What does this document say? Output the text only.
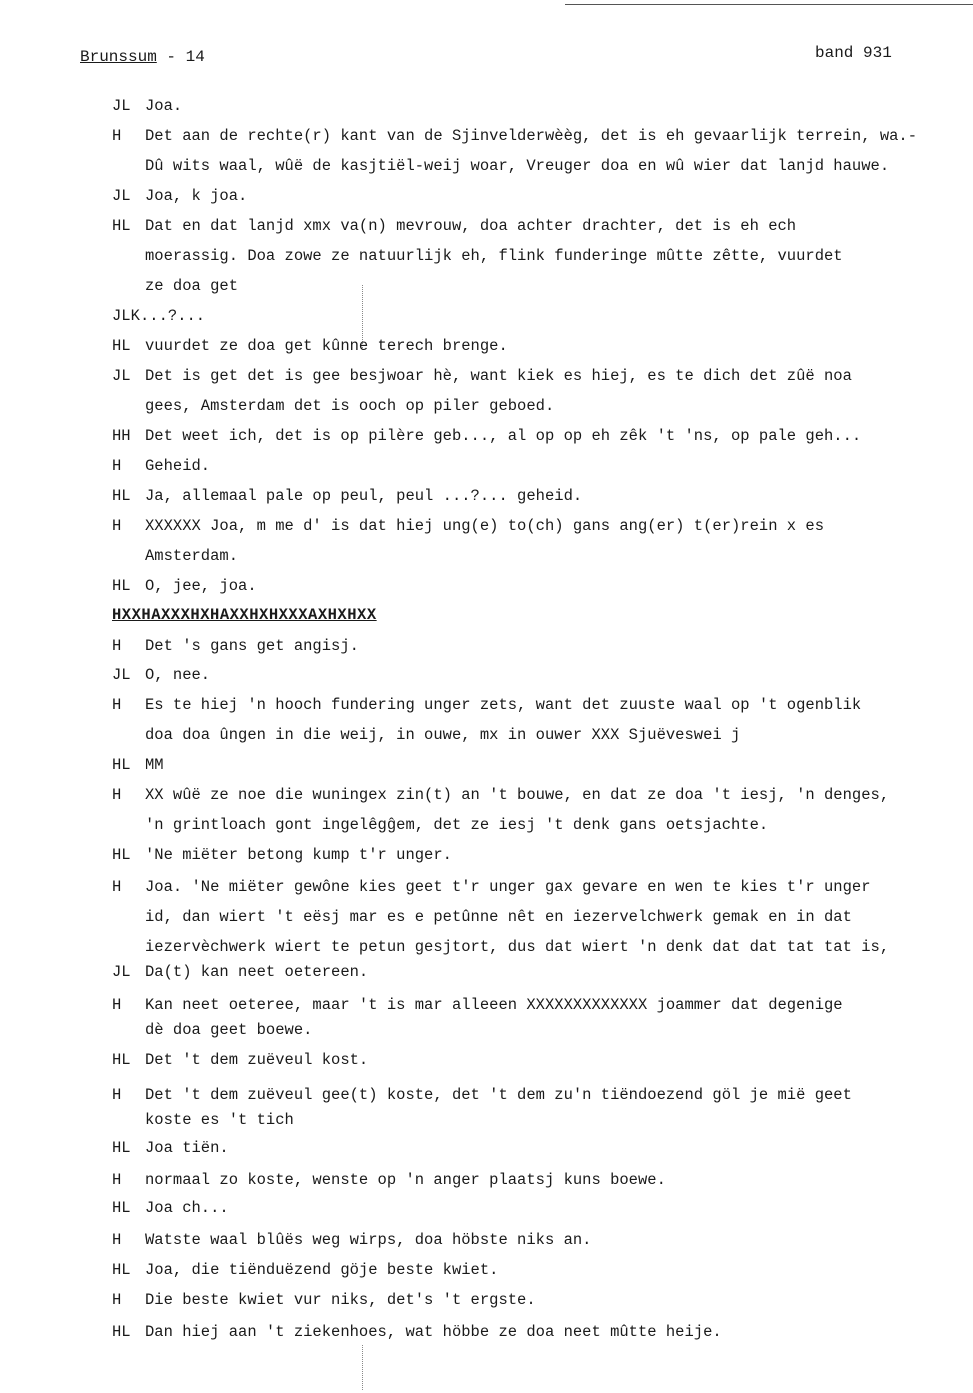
Brunssum - 14	band 931
JL Joa.
H Det aan de rechte(r) kant van de Sjinvelderwèèg, det is eh gevaarlijk terrein, wa.-
Dû wits waal, wûë de kasjtiël-weij woar, Vreuger doa en wû wier dat lanjd hauwe.
JL Joa, k joa.
HL Dat en dat lanjd xmx va(n) mevrouw, doa achter drachter, det is eh ech
moerassig. Doa zowe ze natuurlijk eh, flink funderinge mûtte zêtte, vuurdet
ze doa get
JLK ...?...
HL vuurdet ze doa get kûnne terech brenge.
JL Det is get det is gee besjwoar hè, want kiek es hiej, es te dich det zûë noa
gees, Amsterdam det is ooch op piler geboed.
HH Det weet ich, det is op pilère geb..., al op op eh zêk 't 'ns, op pale geh...
H Geheid.
HL Ja, allemaal pale op peul, peul ...?... geheid.
H XXXXXX Joa, m me d' is dat hiej ung(e) to(ch) gans ang(er) t(er)rein x es
Amsterdam.
HL O, jee, joa.
HXXHAXXXHXHAXXHXHXXXAXHXHXX
H Det 's gans get angisj.
JL O, nee.
H Es te hiej 'n hooch fundering unger zets, want det zuuste waal op 't ogenblik
doa doa ûngen in die weij, in ouwe, mx in ouwer XXX Sjuëveswei j
HL MM
H XX wûë ze noe die wuningex zin(t) an 't bouwe, en dat ze doa 't iesj, 'n denges,
'n grintloach gont ingelêgĝem, det ze iesj 't denk gans oetsjachte.
HL 'Ne miëter betong kump t'r unger.
H Joa. 'Ne miëter gewône kies geet t'r unger gax gevare en wen te kies t'r unger
id, dan wiert 't eësj mar es e petûnne nêt en iezervelchwerk gemak en in dat
iezervèchwerk wiert te petun gesjtort, dus dat wiert 'n denk dat dat tat tat is,
JL Da(t) kan neet oetereen.
H Kan neet oeteree, maar 't is mar alleeen XXXXXXXXXXXXX joammer dat degenige
dè doa geet boewe.
HL Det 't dem zuëveul kost.
H Det 't dem zuëveul gee(t) koste, det 't dem zu'n tiëndoezend göl je mië geet
koste es 't tich
HL Joa tiën.
H normaal zo koste, wenste op 'n anger plaatsj kuns boewe.
HL Joa ch...
H Watste waal blûës weg wirps, doa höbste niks an.
HL Joa, die tiënduëzend göje beste kwiet.
H Die beste kwiet vur niks, det's 't ergste.
HL Dan hiej aan 't ziekenhoes, wat höbbe ze doa neet mûtte heije.
